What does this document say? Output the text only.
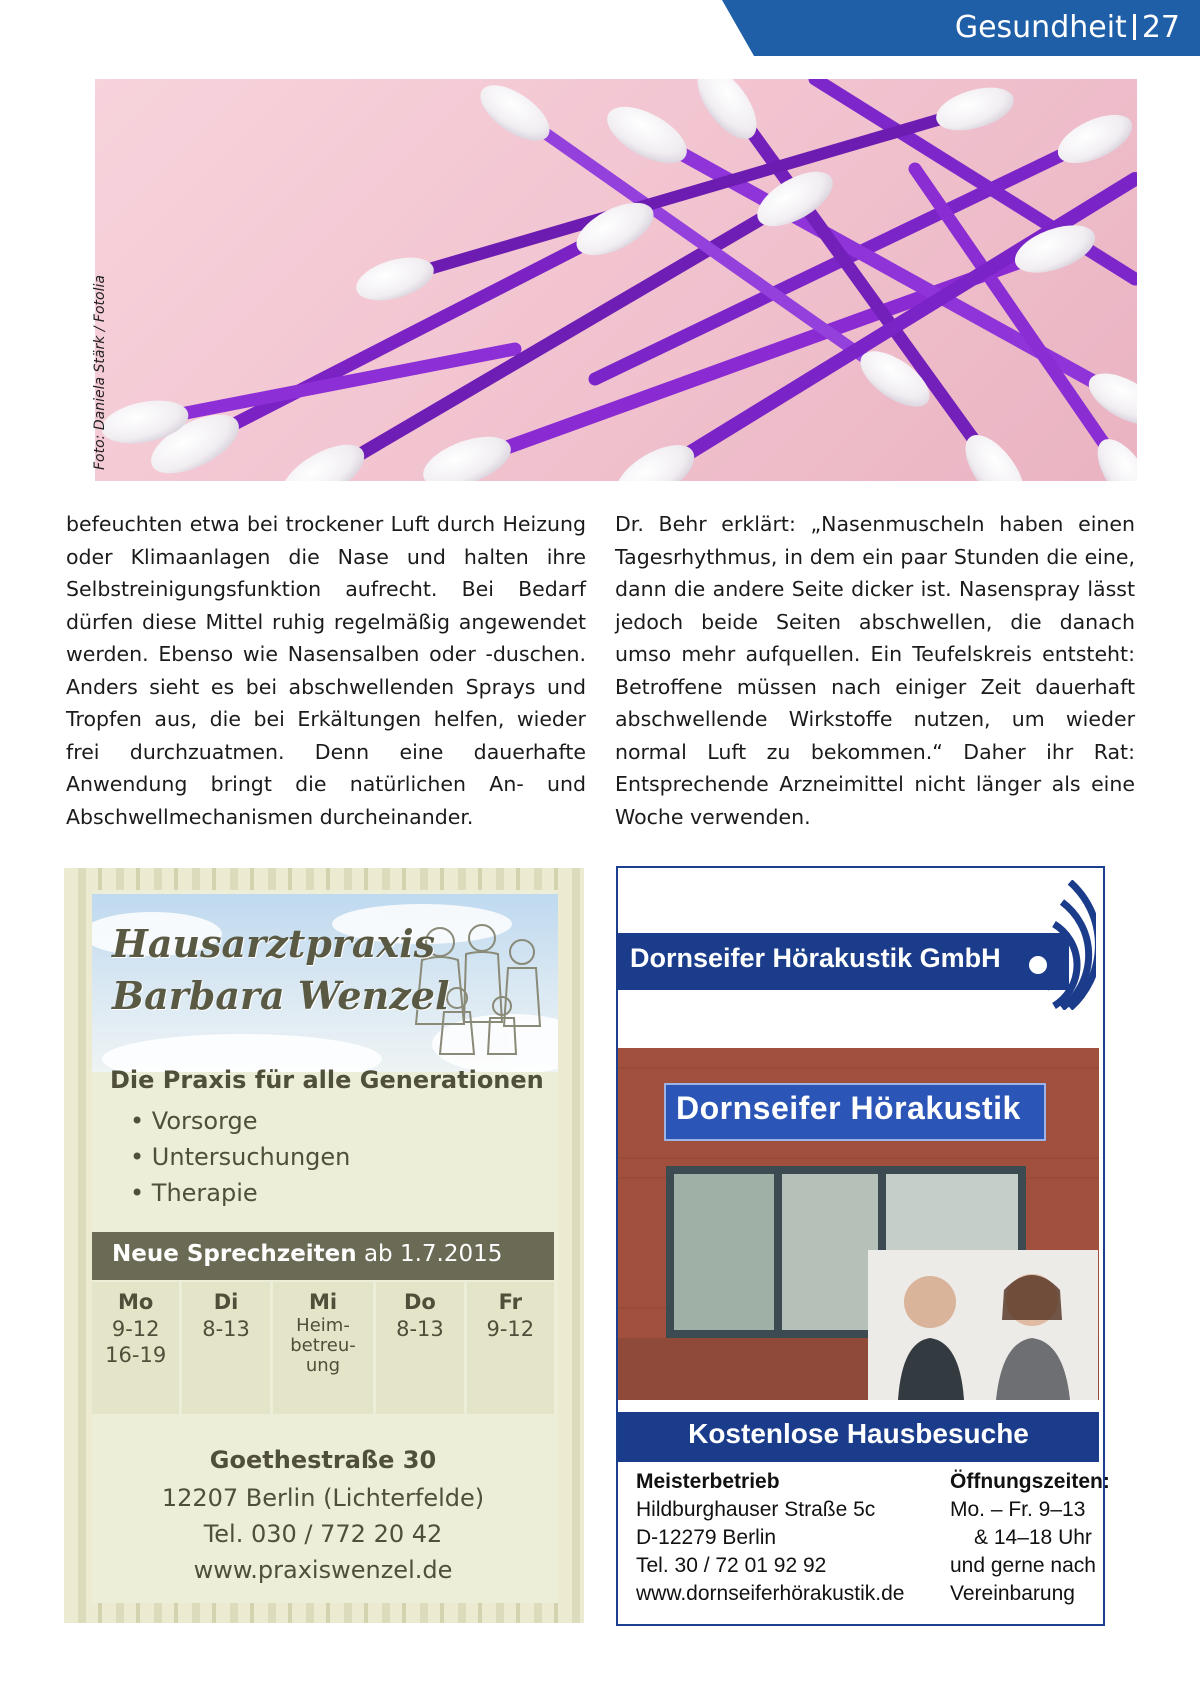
Gesundheit 27
Foto: Daniela Stärk / Fotolia

befeuchten etwa bei trockener Luft durch Heizung oder Klimaanlagen die Nase und halten ihre Selbstreinigungsfunktion aufrecht. Bei Bedarf dürfen diese Mittel ruhig regelmäßig angewendet werden. Ebenso wie Nasensalben oder -duschen. Anders sieht es bei abschwellenden Sprays und Tropfen aus, die bei Erkältungen helfen, wieder frei durchzuatmen. Denn eine dauerhafte Anwendung bringt die natürlichen An- und Abschwellmechanismen durcheinander.

Dr. Behr erklärt: „Nasenmuscheln haben einen Tagesrhythmus, in dem ein paar Stunden die eine, dann die andere Seite dicker ist. Nasenspray lässt jedoch beide Seiten abschwellen, die danach umso mehr aufquellen. Ein Teufelskreis entsteht: Betroffene müssen nach einiger Zeit dauerhaft abschwellende Wirkstoffe nutzen, um wieder normal Luft zu bekommen.“ Daher ihr Rat: Entsprechende Arzneimittel nicht länger als eine Woche verwenden.

Hausarztpraxis
Barbara Wenzel
Die Praxis für alle Generationen
• Vorsorge
• Untersuchungen
• Therapie
Neue Sprechzeiten ab 1.7.2015
Mo
9-12
16-19
Di
8-13
Mi
Heim-
betreu-
ung
Do
8-13
Fr
9-12
Goethestraße 30
12207 Berlin (Lichterfelde)
Tel. 030 / 772 20 42
www.praxiswenzel.de
Dornseifer Hörakustik GmbH
Dornseifer Hörakustik
Kostenlose Hausbesuche
Meisterbetrieb
Hildburghauser Straße 5c
D-12279 Berlin
Tel. 30 / 72 01 92 92
www.dornseiferhörakustik.de
Öffnungszeiten:
Mo. – Fr. 9–13
& 14–18 Uhr
und gerne nach
Vereinbarung
